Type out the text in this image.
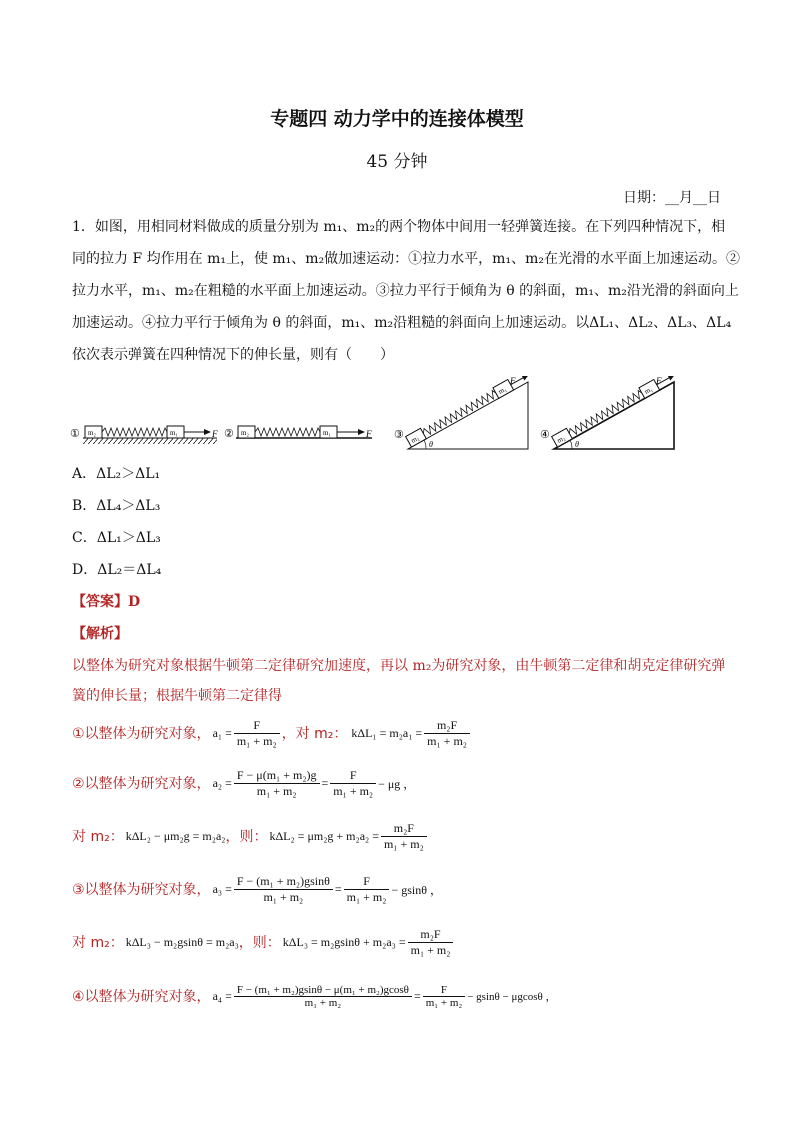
专题四 动力学中的连接体模型
45 分钟
日期：__月__日
1．如图，用相同材料做成的质量分别为 m₁、m₂的两个物体中间用一轻弹簧连接。在下列四种情况下，相
同的拉力 F 均作用在 m₁上，使 m₁、m₂做加速运动：①拉力水平，m₁、m₂在光滑的水平面上加速运动。②
拉力水平，m₁、m₂在粗糙的水平面上加速运动。③拉力平行于倾角为 θ 的斜面，m₁、m₂沿光滑的斜面向上
加速运动。④拉力平行于倾角为 θ 的斜面，m₁、m₂沿粗糙的斜面向上加速运动。以ΔL₁、ΔL₂、ΔL₃、ΔL₄
依次表示弹簧在四种情况下的伸长量，则有（　　）
① m₂	m₁	F ② m₂	m₁	F ③
θ
m₂
m₁
F
④
θ
m₂
m₁
F
A．ΔL₂＞ΔL₁
B．ΔL₄＞ΔL₃
C．ΔL₁＞ΔL₃
D．ΔL₂＝ΔL₄
【答案】D
【解析】
以整体为研究对象根据牛顿第二定律研究加速度，再以 m₂为研究对象，由牛顿第二定律和胡克定律研究弹
簧的伸长量；根据牛顿第二定律得
①以整体为研究对象， $a_1 = \frac{F}{\text{m₁ + m₂}}$ ，对 m₂： $k\Delta L_1 = m_2a_1 = \frac{\text{m₂F}}{\text{m₁ + m₂}}$
②以整体为研究对象， $a_2 = \frac{\text{F − μ(m₁ + m₂)g}}{\text{m₁ + m₂}} = \frac{F}{\text{m₁ + m₂}} - \mu g$ ，
对 m₂： kΔL₂ − μm₂g = m₂a₂ ，则： $k\Delta L_2 = \mu m_2g + m_2a_2 = \frac{\text{m₂F}}{\text{m₁ + m₂}}$
③以整体为研究对象， $a_3 = \frac{\text{F − (m₁ + m₂)gsinθ}}{\text{m₁ + m₂}} = \frac{F}{\text{m₁ + m₂}} - gsin\theta$ ，
对 m₂： kΔL₃ − m₂gsinθ = m₂a₃ ，则： $k\Delta L_3 = m_2gsin\theta + m_2a_3 = \frac{\text{m₂F}}{\text{m₁ + m₂}}$
④以整体为研究对象， $a_4 = \frac{\text{F − (m₁ + m₂)gsinθ − μ(m₁ + m₂)gcosθ}}{\text{m₁ + m₂}} = \frac{F}{\text{m₁ + m₂}} - gsin\theta - \mu gcos\theta$ ，
